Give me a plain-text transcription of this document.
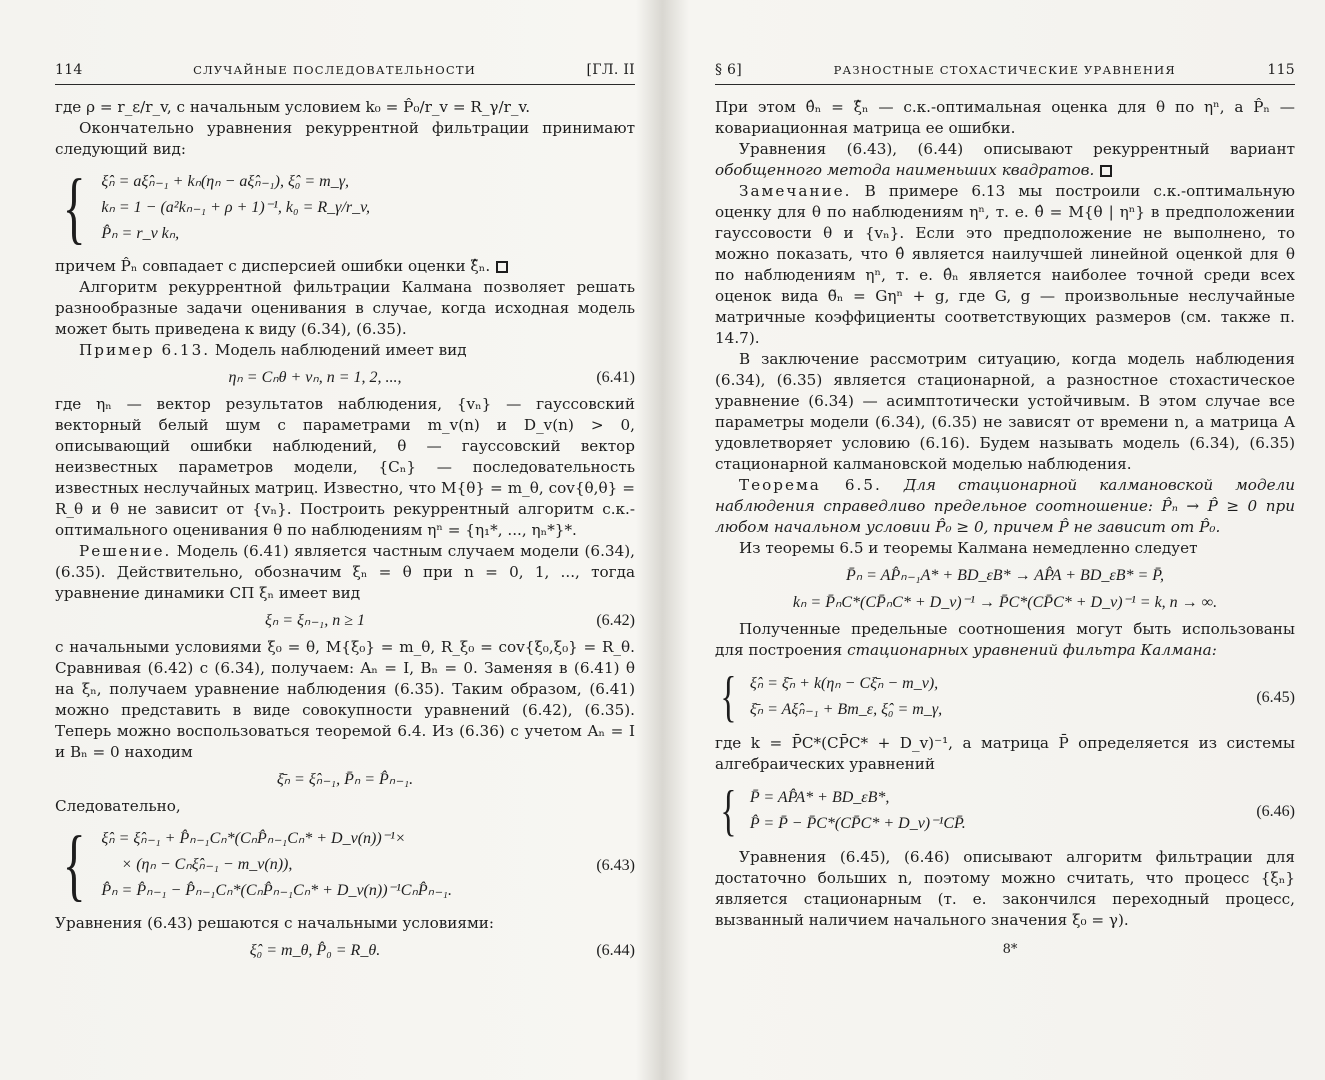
114	СЛУЧАЙНЫЕ ПОСЛЕДОВАТЕЛЬНОСТИ	[ГЛ. II

где ρ = r_ε/r_v, с начальным условием k₀ = P̂₀/r_v = R_γ/r_v.

Окончательно уравнения рекуррентной фильтрации принимают следующий вид:

{ ξ̂ₙ = aξ̂ₙ₋₁ + kₙ(ηₙ − aξ̂ₙ₋₁), ξ̂₀ = m_γ,
kₙ = 1 − (a²kₙ₋₁ + ρ + 1)⁻¹, k₀ = R_γ/r_v,
P̂ₙ = r_v kₙ,

причем P̂ₙ совпадает с дисперсией ошибки оценки ξ̂ₙ.

Алгоритм рекуррентной фильтрации Калмана позволяет решать разнообразные задачи оценивания в случае, когда исходная модель может быть приведена к виду (6.34), (6.35).

Пример 6.13. Модель наблюдений имеет вид

ηₙ = Cₙθ + vₙ, n = 1, 2, ...,	(6.41)

где ηₙ — вектор результатов наблюдения, {vₙ} — гауссовский векторный белый шум с параметрами m_v(n) и D_v(n) > 0, описывающий ошибки наблюдений, θ — гауссовский вектор неизвестных параметров модели, {Cₙ} — последовательность известных неслучайных матриц. Известно, что M{θ} = m_θ, cov{θ,θ} = R_θ и θ не зависит от {vₙ}. Построить рекуррентный алгоритм с.к.-оптимального оценивания θ по наблюдениям ηⁿ = {η₁*, ..., ηₙ*}*.

Решение. Модель (6.41) является частным случаем модели (6.34), (6.35). Действительно, обозначим ξₙ = θ при n = 0, 1, ..., тогда уравнение динамики СП ξₙ имеет вид

ξₙ = ξₙ₋₁, n ≥ 1	(6.42)

с начальными условиями ξ₀ = θ, M{ξ₀} = m_θ, R_ξ₀ = cov{ξ₀,ξ₀} = R_θ. Сравнивая (6.42) с (6.34), получаем: Aₙ = I, Bₙ = 0. Заменяя в (6.41) θ на ξₙ, получаем уравнение наблюдения (6.35). Таким образом, (6.41) можно представить в виде совокупности уравнений (6.42), (6.35). Теперь можно воспользоваться теоремой 6.4. Из (6.36) с учетом Aₙ = I и Bₙ = 0 находим

ξ̄ₙ = ξ̂ₙ₋₁, P̄ₙ = P̂ₙ₋₁.

Следовательно,

{ ξ̂ₙ = ξ̂ₙ₋₁ + P̂ₙ₋₁Cₙ*(CₙP̂ₙ₋₁Cₙ* + D_v(n))⁻¹×
× (ηₙ − Cₙξ̂ₙ₋₁ − m_v(n)),
P̂ₙ = P̂ₙ₋₁ − P̂ₙ₋₁Cₙ*(CₙP̂ₙ₋₁Cₙ* + D_v(n))⁻¹CₙP̂ₙ₋₁.
(6.43)

Уравнения (6.43) решаются с начальными условиями:

ξ̂₀ = m_θ, P̂₀ = R_θ.	(6.44)
§ 6]	РАЗНОСТНЫЕ СТОХАСТИЧЕСКИЕ УРАВНЕНИЯ	115

При этом θ̂ₙ = ξ̂ₙ — с.к.-оптимальная оценка для θ по ηⁿ, а P̂ₙ — ковариационная матрица ее ошибки.

Уравнения (6.43), (6.44) описывают рекуррентный вариант обобщенного метода наименьших квадратов.

Замечание. В примере 6.13 мы построили с.к.-оптимальную оценку для θ по наблюдениям ηⁿ, т. е. θ̂ = M{θ | ηⁿ} в предположении гауссовости θ и {vₙ}. Если это предположение не выполнено, то можно показать, что θ̂ является наилучшей линейной оценкой для θ по наблюдениям ηⁿ, т. е. θ̂ₙ является наиболее точной среди всех оценок вида θ̃ₙ = Gηⁿ + g, где G, g — произвольные неслучайные матричные коэффициенты соответствующих размеров (см. также п. 14.7).

В заключение рассмотрим ситуацию, когда модель наблюдения (6.34), (6.35) является стационарной, а разностное стохастическое уравнение (6.34) — асимптотически устойчивым. В этом случае все параметры модели (6.34), (6.35) не зависят от времени n, а матрица A удовлетворяет условию (6.16). Будем называть модель (6.34), (6.35) стационарной калмановской моделью наблюдения.

Теорема 6.5. Для стационарной калмановской модели наблюдения справедливо предельное соотношение: P̂ₙ → P̂ ≥ 0 при любом начальном условии P̂₀ ≥ 0, причем P̂ не зависит от P̂₀.

Из теоремы 6.5 и теоремы Калмана немедленно следует

P̄ₙ = AP̂ₙ₋₁A* + BD_εB* → AP̂A + BD_εB* = P̄,
kₙ = P̄ₙC*(CP̄ₙC* + D_v)⁻¹ → P̄C*(CP̄C* + D_v)⁻¹ = k, n → ∞.

Полученные предельные соотношения могут быть использованы для построения стационарных уравнений фильтра Калмана:

{ ξ̂ₙ = ξ̄ₙ + k(ηₙ − Cξ̄ₙ − m_v),
ξ̄ₙ = Aξ̂ₙ₋₁ + Bm_ε, ξ̂₀ = m_γ,
(6.45)

где k = P̄C*(CP̄C* + D_v)⁻¹, а матрица P̄ определяется из системы алгебраических уравнений

{ P̄ = AP̂A* + BD_εB*,
P̂ = P̄ − P̄C*(CP̄C* + D_v)⁻¹CP̄.
(6.46)

Уравнения (6.45), (6.46) описывают алгоритм фильтрации для достаточно больших n, поэтому можно считать, что процесс {ξₙ} является стационарным (т. е. закончился переходный процесс, вызванный наличием начального значения ξ₀ = γ).

8*
